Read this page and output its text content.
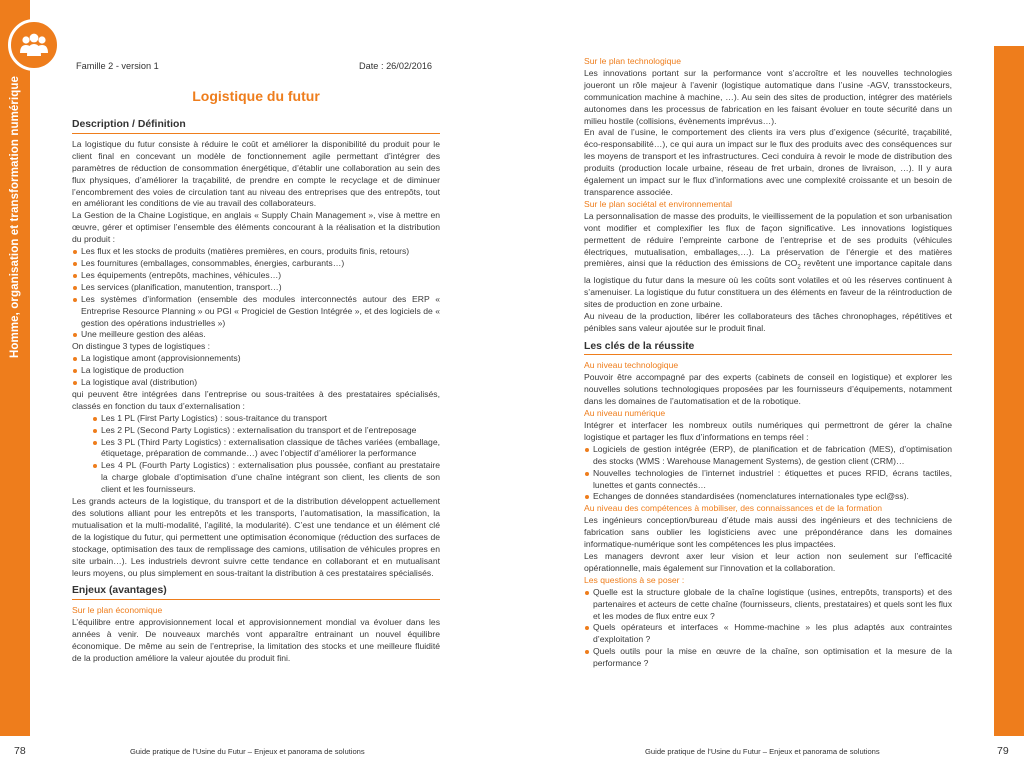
Homme, organisation et transformation numérique
Famille 2 - version 1	Date : 26/02/2016
Logistique du futur
Description / Définition

La logistique du futur consiste à réduire le coût et améliorer la disponibilité du produit pour le client final en concevant un modèle de fonctionnement agile permettant d’intégrer des paramètres de réduction de consommation énergétique, d’établir une collaboration au sein des flux physiques, d’améliorer la traçabilité, de prendre en compte le recyclage et de diminuer l’encombrement des voies de circulation tant au niveau des entreprises que des entrepôts, tout en améliorant les conditions de vie au travail des collaborateurs.

La Gestion de la Chaine Logistique, en anglais « Supply Chain Management », vise à mettre en œuvre, gérer et optimiser l’ensemble des éléments concourant à la réalisation et la distribution du produit :

Les flux et les stocks de produits (matières premières, en cours, produits finis, retours)
Les fournitures (emballages, consommables, énergies, carburants…)
Les équipements (entrepôts, machines, véhicules…)
Les services (planification, manutention, transport…)
Les systèmes d’information (ensemble des modules interconnectés autour des ERP « Entreprise Resource Planning » ou PGI « Progiciel de Gestion Intégrée », et des logiciels de « gestion des opérations industrielles »)
Une meilleure gestion des aléas.

On distingue 3 types de logistiques :

La logistique amont (approvisionnements)
La logistique de production
La logistique aval (distribution)

qui peuvent être intégrées dans l’entreprise ou sous-traitées à des prestataires spécialisés, classés en fonction du taux d’externalisation :

Les 1 PL (First Party Logistics) : sous-traitance du transport
Les 2 PL (Second Party Logistics) : externalisation du transport et de l’entreposage
Les 3 PL (Third Party Logistics) : externalisation classique de tâches variées (emballage, étiquetage, préparation de commande…) avec l’objectif d’améliorer la performance
Les 4 PL (Fourth Party Logistics) : externalisation plus poussée, confiant au prestataire la charge globale d’optimisation d’une chaîne intégrant son client, les clients de son client et les fournisseurs.

Les grands acteurs de la logistique, du transport et de la distribution développent actuellement des solutions alliant pour les entrepôts et les transports, l’automatisation, la massification, la mutualisation et la multi-modalité, l’agilité, la modularité). C’est une tendance et un élément clé de la logistique du futur, qui permettent une optimisation économique (réduction des surfaces de stockage, optimisation des taux de remplissage des camions, utilisation de véhicules propres en site urbain…). Les industriels devront suivre cette tendance en collaborant et en mutualisant leurs moyens, ou plus simplement en sous-traitant la distribution à ces prestataires spécialisés.

Enjeux (avantages)
Sur le plan économique

L’équilibre entre approvisionnement local et approvisionnement mondial va évoluer dans les années à venir. De nouveaux marchés vont apparaître entrainant un nouvel équilibre économique. De même au sein de l’entreprise, la limitation des stocks et une meilleure fluidité de la production améliore la valeur ajoutée du produit fini.

Sur le plan technologique

Les innovations portant sur la performance vont s’accroître et les nouvelles technologies joueront un rôle majeur à l’avenir (logistique automatique dans l’usine -AGV, transstockeurs, communication machine à machine, …). Au sein des sites de production, intégrer des matériels autonomes dans les processus de fabrication en les faisant évoluer en toute sécurité dans un milieu hostile (collisions, évènements imprévus…).

En aval de l’usine, le comportement des clients ira vers plus d’exigence (sécurité, traçabilité, éco-responsabilité…), ce qui aura un impact sur le flux des produits avec des conséquences sur les moyens de transport et les infrastructures. Ceci conduira à revoir le mode de distribution des produits (production locale urbaine, réseau de fret urbain, drones de livraison, …). Il y aura également un impact sur le flux d’informations avec une complexité croissante et un besoin de transparence associée.

Sur le plan sociétal et environnemental

La personnalisation de masse des produits, le vieillissement de la population et son urbanisation vont modifier et complexifier les flux de façon significative. Les innovations logistiques permettent de réduire l’empreinte carbone de l’entreprise et de ses produits (véhicules électriques, mutualisation, emballages,…). La préservation de l’énergie et des matières premières, ainsi que la réduction des émissions de $CO_2$ revêtent une importance capitale dans la logistique du futur dans la mesure où les coûts sont volatiles et où les réserves continuent à s’amenuiser. La logistique du futur constituera un des éléments en faveur de la réintroduction de sites de production en zone urbaine.

Au niveau de la production, libérer les collaborateurs des tâches chronophages, répétitives et pénibles sans valeur ajoutée sur le produit final.

Les clés de la réussite
Au niveau technologique

Pouvoir être accompagné par des experts (cabinets de conseil en logistique) et explorer les nouvelles solutions technologiques proposées par les fournisseurs d’équipements, notamment dans les domaines de l’automatisation et de la robotique.

Au niveau numérique

Intégrer et interfacer les nombreux outils numériques qui permettront de gérer la chaîne logistique et partager les flux d’informations en temps réel :

Logiciels de gestion intégrée (ERP), de planification et de fabrication (MES), d’optimisation des stocks (WMS : Warehouse Management Systems), de gestion client (CRM)…
Nouvelles technologies de l’internet industriel : étiquettes et puces RFID, écrans tactiles, lunettes et gants connectés…
Echanges de données standardisées (nomenclatures internationales type ecl@ss).
Au niveau des compétences à mobiliser, des connaissances et de la formation

Les ingénieurs conception/bureau d’étude mais aussi des ingénieurs et des techniciens de fabrication sans oublier les logisticiens avec une prépondérance dans les domaines informatique-numérique sont les compétences les plus impactées.

Les managers devront axer leur vision et leur action non seulement sur l’efficacité opérationnelle, mais également sur l’innovation et la collaboration.

Les questions à se poser :
Quelle est la structure globale de la chaîne logistique (usines, entrepôts, transports) et des partenaires et acteurs de cette chaîne (fournisseurs, clients, prestataires) et quels sont les flux et les modes de flux entre eux ?
Quels opérateurs et interfaces « Homme-machine » les plus adaptés aux contraintes d’exploitation ?
Quels outils pour la mise en œuvre de la chaîne, son optimisation et la mesure de la performance ?
78	Guide pratique de l’Usine du Futur – Enjeux et panorama de solutions	Guide pratique de l’Usine du Futur – Enjeux et panorama de solutions	79
